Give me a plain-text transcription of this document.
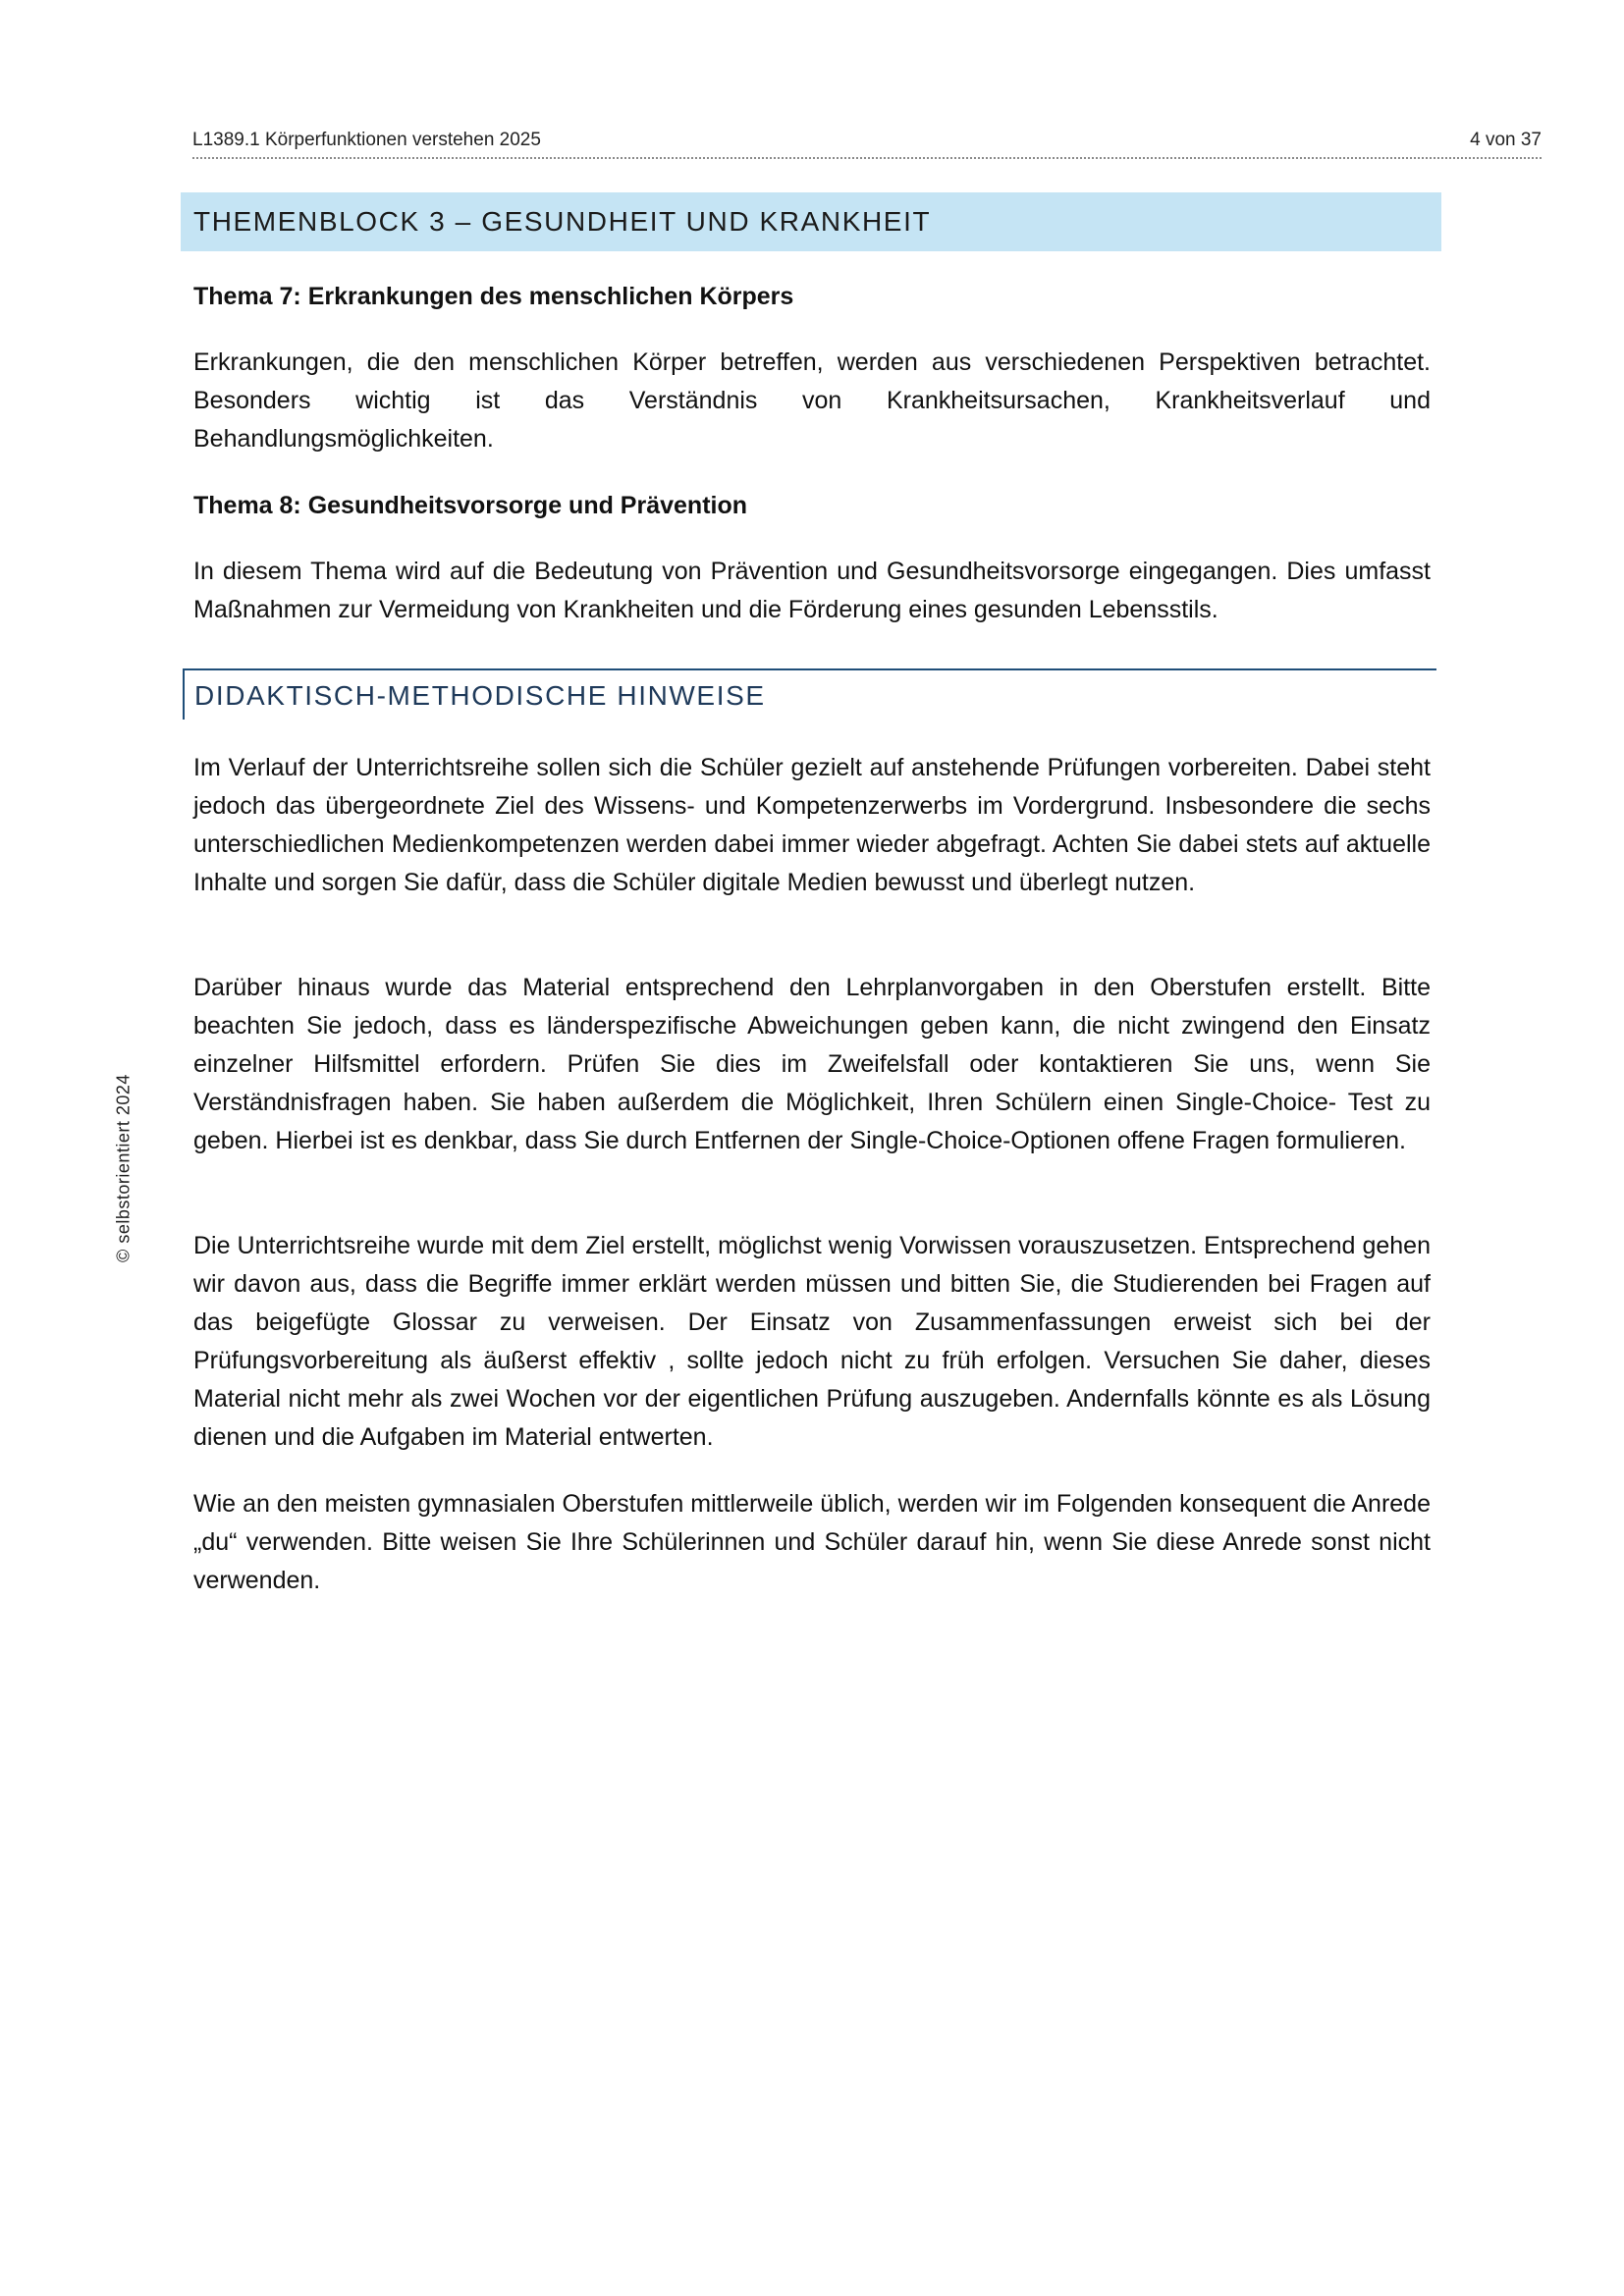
L1389.1 Körperfunktionen verstehen 2025	4 von 37
© selbstorientiert 2024
THEMENBLOCK 3 – GESUNDHEIT UND KRANKHEIT

Thema 7: Erkrankungen des menschlichen Körpers

Erkrankungen, die den menschlichen Körper betreffen, werden aus verschiedenen Perspektiven betrachtet. Besonders wichtig ist das Verständnis von Krankheitsursachen, Krankheitsverlauf und Behandlungsmöglichkeiten.

Thema 8: Gesundheitsvorsorge und Prävention

In diesem Thema wird auf die Bedeutung von Prävention und Gesundheitsvorsorge eingegangen. Dies umfasst Maßnahmen zur Vermeidung von Krankheiten und die Förderung eines gesunden Lebensstils.

DIDAKTISCH-METHODISCHE HINWEISE

Im Verlauf der Unterrichtsreihe sollen sich die Schüler gezielt auf anstehende Prüfungen vorbereiten. Dabei steht jedoch das übergeordnete Ziel des Wissens- und Kompetenzerwerbs im Vordergrund. Insbesondere die sechs unterschiedlichen Medienkompetenzen werden dabei immer wieder abgefragt. Achten Sie dabei stets auf aktuelle Inhalte und sorgen Sie dafür, dass die Schüler digitale Medien bewusst und überlegt nutzen.

Darüber hinaus wurde das Material entsprechend den Lehrplanvorgaben in den Oberstufen erstellt. Bitte beachten Sie jedoch, dass es länderspezifische Abweichungen geben kann, die nicht zwingend den Einsatz einzelner Hilfsmittel erfordern. Prüfen Sie dies im Zweifelsfall oder kontaktieren Sie uns, wenn Sie Verständnisfragen haben. Sie haben außerdem die Möglichkeit, Ihren Schülern einen Single-Choice- Test zu geben. Hierbei ist es denkbar, dass Sie durch Entfernen der Single-Choice-Optionen offene Fragen formulieren.

Die Unterrichtsreihe wurde mit dem Ziel erstellt, möglichst wenig Vorwissen vorauszusetzen. Entsprechend gehen wir davon aus, dass die Begriffe immer erklärt werden müssen und bitten Sie, die Studierenden bei Fragen auf das beigefügte Glossar zu verweisen. Der Einsatz von Zusammenfassungen erweist sich bei der Prüfungsvorbereitung als äußerst effektiv , sollte jedoch nicht zu früh erfolgen. Versuchen Sie daher, dieses Material nicht mehr als zwei Wochen vor der eigentlichen Prüfung auszugeben. Andernfalls könnte es als Lösung dienen und die Aufgaben im Material entwerten.

Wie an den meisten gymnasialen Oberstufen mittlerweile üblich, werden wir im Folgenden konsequent die Anrede „du“ verwenden. Bitte weisen Sie Ihre Schülerinnen und Schüler darauf hin, wenn Sie diese Anrede sonst nicht verwenden.
